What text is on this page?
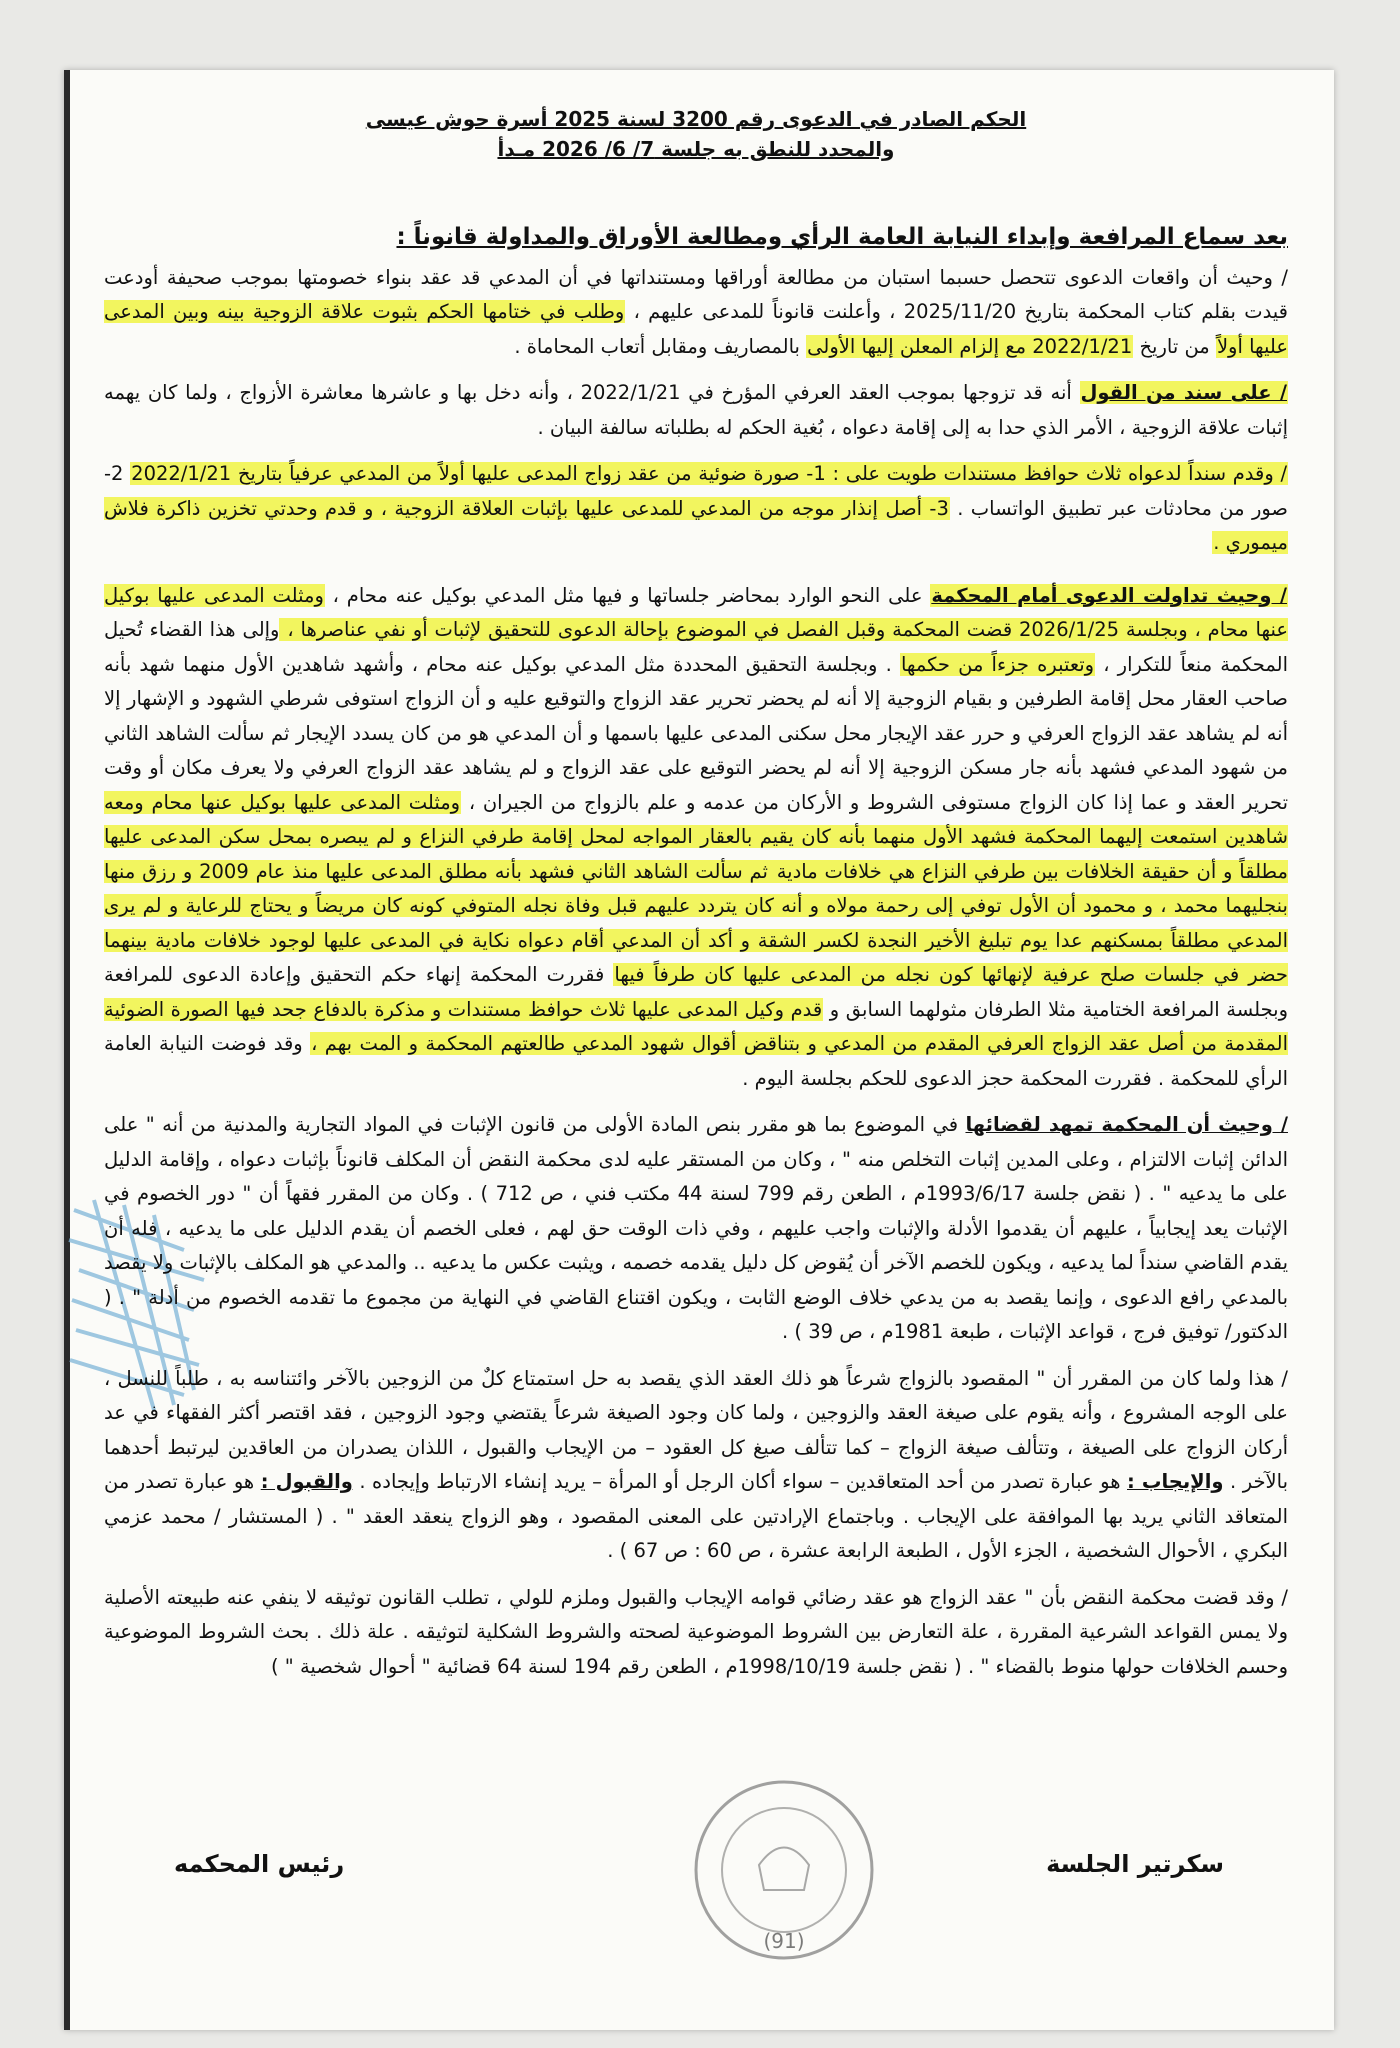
الحكم الصادر في الدعوى رقم 3200 لسنة 2025 أسرة حوش عيسى
والمحدد للنطق به جلسة 7/ 6/ 2026 مـدأ
بعد سماع المرافعة وإبداء النيابة العامة الرأي ومطالعة الأوراق والمداولة قانوناً :

/ وحيث أن واقعات الدعوى تتحصل حسبما استبان من مطالعة أوراقها ومستنداتها في أن المدعي قد عقد بنواء خصومتها بموجب صحيفة أودعت قيدت بقلم كتاب المحكمة بتاريخ 2025/11/20 ، وأعلنت قانوناً للمدعى عليهم ، وطلب في ختامها الحكم بثبوت علاقة الزوجية بينه وبين المدعى عليها أولاً من تاريخ 2022/1/21 مع إلزام المعلن إليها الأولى بالمصاريف ومقابل أتعاب المحاماة .

/ على سند من القول أنه قد تزوجها بموجب العقد العرفي المؤرخ في 2022/1/21 ، وأنه دخل بها و عاشرها معاشرة الأزواج ، ولما كان يهمه إثبات علاقة الزوجية ، الأمر الذي حدا به إلى إقامة دعواه ، بُغية الحكم له بطلباته سالفة البيان .

/ وقدم سنداً لدعواه ثلاث حوافظ مستندات طويت على : 1- صورة ضوئية من عقد زواج المدعى عليها أولاً من المدعي عرفياً بتاريخ 2022/1/21 2- صور من محادثات عبر تطبيق الواتساب . 3- أصل إنذار موجه من المدعي للمدعى عليها بإثبات العلاقة الزوجية ، و قدم وحدتي تخزين ذاكرة فلاش ميموري .

/ وحيث تداولت الدعوى أمام المحكمة على النحو الوارد بمحاضر جلساتها و فيها مثل المدعي بوكيل عنه محام ، ومثلت المدعى عليها بوكيل عنها محام ، وبجلسة 2026/1/25 قضت المحكمة وقبل الفصل في الموضوع بإحالة الدعوى للتحقيق لإثبات أو نفي عناصرها ، وإلى هذا القضاء تُحيل المحكمة منعاً للتكرار ، وتعتبره جزءاً من حكمها . وبجلسة التحقيق المحددة مثل المدعي بوكيل عنه محام ، وأشهد شاهدين الأول منهما شهد بأنه صاحب العقار محل إقامة الطرفين و بقيام الزوجية إلا أنه لم يحضر تحرير عقد الزواج والتوقيع عليه و أن الزواج استوفى شرطي الشهود و الإشهار إلا أنه لم يشاهد عقد الزواج العرفي و حرر عقد الإيجار محل سكنى المدعى عليها باسمها و أن المدعي هو من كان يسدد الإيجار ثم سألت الشاهد الثاني من شهود المدعي فشهد بأنه جار مسكن الزوجية إلا أنه لم يحضر التوقيع على عقد الزواج و لم يشاهد عقد الزواج العرفي ولا يعرف مكان أو وقت تحرير العقد و عما إذا كان الزواج مستوفى الشروط و الأركان من عدمه و علم بالزواج من الجيران ، ومثلت المدعى عليها بوكيل عنها محام ومعه شاهدين استمعت إليهما المحكمة فشهد الأول منهما بأنه كان يقيم بالعقار المواجه لمحل إقامة طرفي النزاع و لم يبصره بمحل سكن المدعى عليها مطلقاً و أن حقيقة الخلافات بين طرفي النزاع هي خلافات مادية ثم سألت الشاهد الثاني فشهد بأنه مطلق المدعى عليها منذ عام 2009 و رزق منها بنجليهما محمد ، و محمود أن الأول توفي إلى رحمة مولاه و أنه كان يتردد عليهم قبل وفاة نجله المتوفي كونه كان مريضاً و يحتاج للرعاية و لم يرى المدعي مطلقاً بمسكنهم عدا يوم تبليغ الأخير النجدة لكسر الشقة و أكد أن المدعي أقام دعواه نكاية في المدعى عليها لوجود خلافات مادية بينهما حضر في جلسات صلح عرفية لإنهائها كون نجله من المدعى عليها كان طرفاً فيها فقررت المحكمة إنهاء حكم التحقيق وإعادة الدعوى للمرافعة وبجلسة المرافعة الختامية مثلا الطرفان مثولهما السابق و قدم وكيل المدعى عليها ثلاث حوافظ مستندات و مذكرة بالدفاع جحد فيها الصورة الضوئية المقدمة من أصل عقد الزواج العرفي المقدم من المدعي و بتناقض أقوال شهود المدعي طالعتهم المحكمة و المت بهم ، وقد فوضت النيابة العامة الرأي للمحكمة . فقررت المحكمة حجز الدعوى للحكم بجلسة اليوم .

/ وحيث أن المحكمة تمهد لقضائها في الموضوع بما هو مقرر بنص المادة الأولى من قانون الإثبات في المواد التجارية والمدنية من أنه " على الدائن إثبات الالتزام ، وعلى المدين إثبات التخلص منه " ، وكان من المستقر عليه لدى محكمة النقض أن المكلف قانوناً بإثبات دعواه ، وإقامة الدليل على ما يدعيه " . ( نقض جلسة 1993/6/17م ، الطعن رقم 799 لسنة 44 مكتب فني ، ص 712 ) . وكان من المقرر فقهاً أن " دور الخصوم في الإثبات يعد إيجابياً ، عليهم أن يقدموا الأدلة والإثبات واجب عليهم ، وفي ذات الوقت حق لهم ، فعلى الخصم أن يقدم الدليل على ما يدعيه ، فله أن يقدم القاضي سنداً لما يدعيه ، ويكون للخصم الآخر أن يُقوض كل دليل يقدمه خصمه ، ويثبت عكس ما يدعيه .. والمدعي هو المكلف بالإثبات ولا يقصد بالمدعي رافع الدعوى ، وإنما يقصد به من يدعي خلاف الوضع الثابت ، ويكون اقتناع القاضي في النهاية من مجموع ما تقدمه الخصوم من أدلة " . ( الدكتور/ توفيق فرج ، قواعد الإثبات ، طبعة 1981م ، ص 39 ) .

/ هذا ولما كان من المقرر أن " المقصود بالزواج شرعاً هو ذلك العقد الذي يقصد به حل استمتاع كلٌ من الزوجين بالآخر وائتناسه به ، طلباً للنسل ، على الوجه المشروع ، وأنه يقوم على صيغة العقد والزوجين ، ولما كان وجود الصيغة شرعاً يقتضي وجود الزوجين ، فقد اقتصر أكثر الفقهاء في عد أركان الزواج على الصيغة ، وتتألف صيغة الزواج – كما تتألف صيغ كل العقود – من الإيجاب والقبول ، اللذان يصدران من العاقدين ليرتبط أحدهما بالآخر . والإيجاب : هو عبارة تصدر من أحد المتعاقدين – سواء أكان الرجل أو المرأة – يريد إنشاء الارتباط وإيجاده . والقبول : هو عبارة تصدر من المتعاقد الثاني يريد بها الموافقة على الإيجاب . وباجتماع الإرادتين على المعنى المقصود ، وهو الزواج ينعقد العقد " . ( المستشار / محمد عزمي البكري ، الأحوال الشخصية ، الجزء الأول ، الطبعة الرابعة عشرة ، ص 60 : ص 67 ) .

/ وقد قضت محكمة النقض بأن " عقد الزواج هو عقد رضائي قوامه الإيجاب والقبول وملزم للولي ، تطلب القانون توثيقه لا ينفي عنه طبيعته الأصلية ولا يمس القواعد الشرعية المقررة ، علة التعارض بين الشروط الموضوعية لصحته والشروط الشكلية لتوثيقه . علة ذلك . بحث الشروط الموضوعية وحسم الخلافات حولها منوط بالقضاء " . ( نقض جلسة 1998/10/19م ، الطعن رقم 194 لسنة 64 قضائية " أحوال شخصية " )

(91)
سكرتير الجلسة
رئيس المحكمه
